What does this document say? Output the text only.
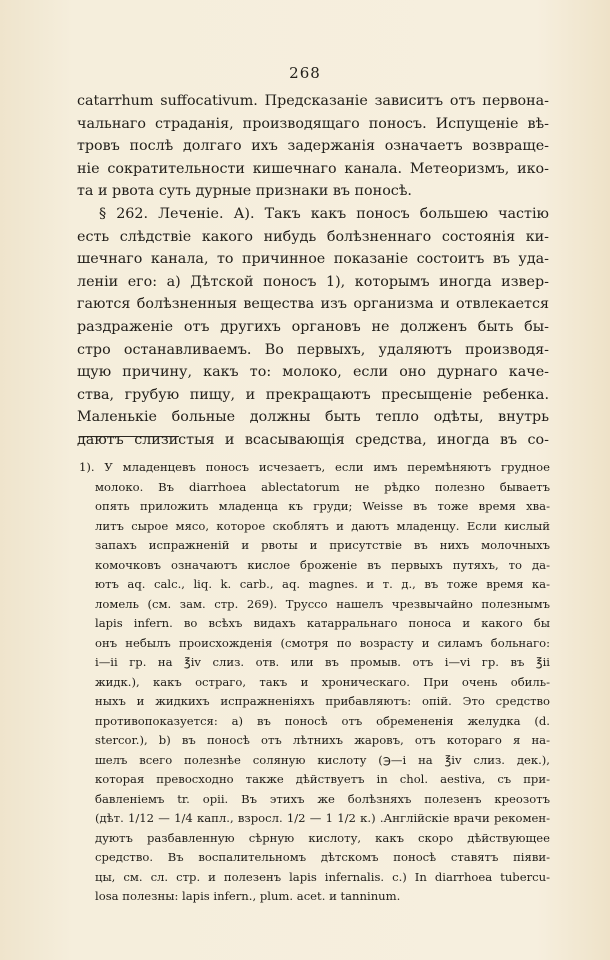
268
catarrhum suffocativum. Предсказаніе зависитъ отъ первона-
чальнаго страданія, производящаго поносъ. Испущеніе вѣ-
тровъ послѣ долгаго ихъ задержанія означаетъ возвраще-
ніе сократительности кишечнаго канала. Метеоризмъ, ико-
та и рвота суть дурные признаки въ поносѣ.
§ 262. Леченіе. А). Такъ какъ поносъ большею частію
есть слѣдствіе какого нибудь болѣзненнаго состоянія ки-
шечнаго канала, то причинное показаніе состоитъ въ уда-
леніи его: а) Дѣтской поносъ 1), которымъ иногда извер-
гаются болѣзненныя вещества изъ организма и отвлекается
раздраженіе отъ другихъ органовъ не долженъ быть бы-
стро останавливаемъ. Во первыхъ, удаляютъ производя-
щую причину, какъ то: молоко, если оно дурнаго каче-
ства, грубую пищу, и прекращаютъ пресыщеніе ребенка.
Маленькіе больные должны быть тепло одѣты, внутрь
даютъ слизистыя и всасывающія средства, иногда въ со-
1). У младенцевъ поносъ исчезаетъ, если имъ перемѣняютъ грудное
молоко. Въ diarrhoea ablectatorum не рѣдко полезно бываетъ
опять приложить младенца къ груди; Weisse въ тоже время хва-
литъ сырое мясо, которое скоблятъ и даютъ младенцу. Если кислый
запахъ испражненій и рвоты и присутствіе въ нихъ молочныхъ
комочковъ означаютъ кислое броженіе въ первыхъ путяхъ, то да-
ютъ aq. calc., liq. k. carb., aq. magnes. и т. д., въ тоже время ка-
ломель (см. зам. стр. 269). Труссо нашелъ чрезвычайно полезнымъ
lapis infern. во всѣхъ видахъ катарральнаго поноса и какого бы
онъ небылъ происхожденія (смотря по возрасту и силамъ больнаго:
i—ii гр. на ℥iv слиз. отв. или въ промыв. отъ i—vi гр. въ ℥ii
жидк.), какъ остраго, такъ и хроническаго. При очень обиль-
ныхъ и жидкихъ испражненіяхъ прибавляютъ: опій. Это средство
противопоказуется: а) въ поносѣ отъ обремененія желудка (d.
stercor.), b) въ поносѣ отъ лѣтнихъ жаровъ, отъ котораго я на-
шелъ всего полезнѣе соляную кислоту (℈—i на ℥iv слиз. дек.),
которая превосходно также дѣйствуетъ in chol. aestiva, съ при-
бавленіемъ tr. opii. Въ этихъ же болѣзняхъ полезенъ креозотъ
(дѣт. 1/12 — 1/4 капл., взросл. 1/2 — 1 1/2 к.) .Англійскіе врачи рекомен-
дуютъ разбавленную сѣрную кислоту, какъ скоро дѣйствующее
средство. Въ воспалительномъ дѣтскомъ поносѣ ставятъ піяви-
цы, см. сл. стр. и полезенъ lapis infernalis. c.) In diarrhoea tubercu-
losa полезны: lapis infern., plum. acet. и tanninum.
